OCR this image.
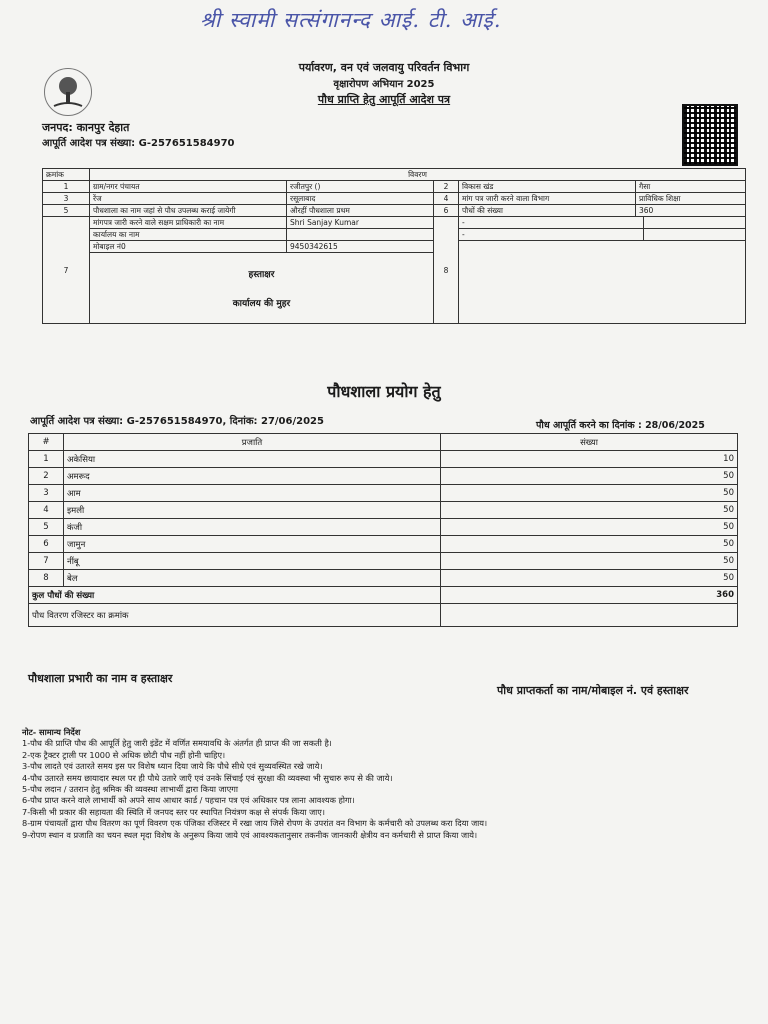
श्री स्वामी सत्संगानन्द आई. टी. आई.
पर्यावरण, वन एवं जलवायु परिवर्तन विभाग
वृक्षारोपण अभियान 2025
पौध प्राप्ति हेतु आपूर्ति आदेश पत्र
जनपद: कानपुर देहात
आपूर्ति आदेश पत्र संख्या: G-257651584970
क्रमांक	विवरण					
1	ग्राम/नगर पंचायत	रजीतपुर ()	2	विकास खंड	गैसा	
3	रेंज	रसूलाबाद	4	मांग पत्र जारी करने वाला विभाग	प्राविधिक शिक्षा	
5	पौधशाला का नाम जहां से पौध उपलब्ध कराई जायेगी	औरहीं पौधशाला प्रथम	6	पौधों की संख्या	360	
7	मांगपत्र जारी करने वाले सक्षम प्राधिकारी का नाम	Shri Sanjay Kumar	8	-		
	कार्यालय का नाम			-		
	मोबाइल नं0	9450342615				

	हस्ताक्षर
कार्यालय की मुहर					
पौधशाला प्रयोग हेतु
आपूर्ति आदेश पत्र संख्या: G-257651584970, दिनांक: 27/06/2025	पौध आपूर्ति करने का दिनांक : 28/06/2025
#	प्रजाति	संख्या
1	अकेसिया	10
2	अमरूद	50
3	आम	50
4	इमली	50
5	कंजी	50
6	जामुन	50
7	नींबू	50
8	बेल	50
कुल पौधों की संख्या		360
पौध वितरण रजिस्टर का क्रमांक		
पौधशाला प्रभारी का नाम व हस्ताक्षर
पौध प्राप्तकर्ता का नाम/मोबाइल नं. एवं हस्ताक्षर
नोट- सामान्य निर्देश
1-पौध की प्राप्ति पौध की आपूर्ति हेतु जारी इंडेंट में वर्णित समयावधि के अंतर्गत ही प्राप्त की जा सकती है।
2-एक ट्रैक्टर ट्राली पर 1000 से अधिक छोटी पौध नहीं होनी चाहिए।
3-पौध लादते एवं उतारते समय इस पर विशेष ध्यान दिया जाये कि पौधे सीधे एवं सुव्यवस्थित रखे जाये।
4-पौध उतारते समय छायादार स्थल पर ही पौधे उतारे जाएँ एवं उनके सिंचाई एवं सुरक्षा की व्यवस्था भी सुचारु रूप से की जाये।
5-पौध लदान / उतरान हेतु श्रमिक की व्यवस्था लाभार्थी द्वारा किया जाएगा
6-पौध प्राप्त करने वाले लाभार्थी को अपने साथ आधार कार्ड / पहचान पत्र एवं अधिकार पत्र लाना आवश्यक होगा।
7-किसी भी प्रकार की सहायता की स्थिति में जनपद स्तर पर स्थापित नियंत्रण कक्ष से संपर्क किया जाए।
8-ग्राम पंचायतों द्वारा पौध वितरण का पूर्ण विवरण एक पंजिका रजिस्टर में रखा जाय जिसे रोपण के उपरांत वन विभाग के कर्मचारी को उपलब्ध करा दिया जाय।
9-रोपण स्थान व प्रजाति का चयन स्थल मृदा विशेष के अनुरूप किया जाये एवं आवश्यकतानुसार तकनीक जानकारी क्षेत्रीय वन कर्मचारी से प्राप्त किया जाये।
